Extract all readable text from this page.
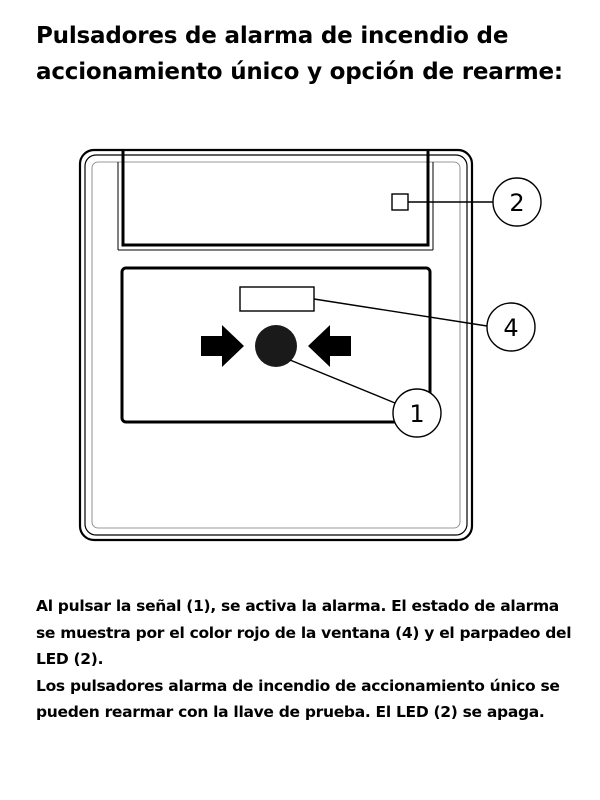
Pulsadores de alarma de incendio de
accionamiento único y opción de rearme:
2
4
1

Al pulsar la señal (1), se activa la alarma. El estado de alarma se muestra por el color rojo de la ventana (4) y el parpadeo del LED (2).

Los pulsadores alarma de incendio de accionamiento único se pueden rearmar con la llave de prueba. El LED (2) se apaga.
